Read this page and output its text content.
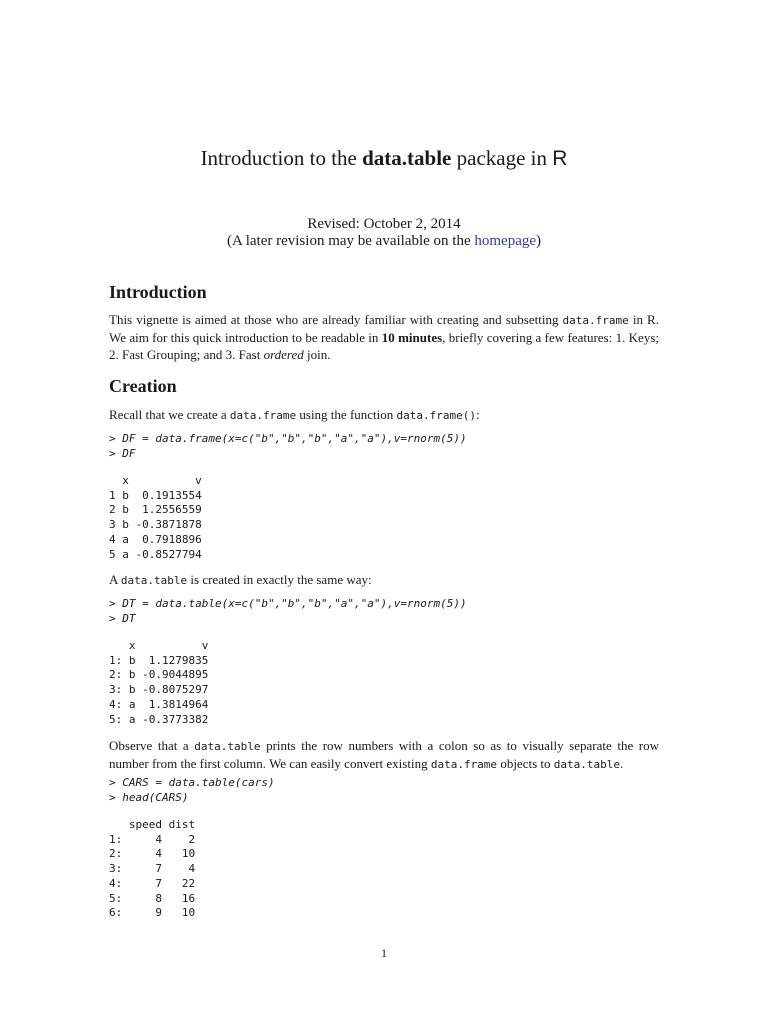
Introduction to the data.table package in R
Revised: October 2, 2014
(A later revision may be available on the homepage)
Introduction

This vignette is aimed at those who are already familiar with creating and subsetting data.frame in R. We aim for this quick introduction to be readable in 10 minutes, briefly covering a few features: 1. Keys; 2. Fast Grouping; and 3. Fast ordered join.

Creation

Recall that we create a data.frame using the function data.frame():

> DF = data.frame(x=c("b","b","b","a","a"),v=rnorm(5))
> DF
x          v
1 b  0.1913554
2 b  1.2556559
3 b -0.3871878
4 a  0.7918896
5 a -0.8527794

A data.table is created in exactly the same way:

> DT = data.table(x=c("b","b","b","a","a"),v=rnorm(5))
> DT
x          v
1: b  1.1279835
2: b -0.9044895
3: b -0.8075297
4: a  1.3814964
5: a -0.3773382

Observe that a data.table prints the row numbers with a colon so as to visually separate the row number from the first column. We can easily convert existing data.frame objects to data.table.

> CARS = data.table(cars)
> head(CARS)
speed dist
1:     4    2
2:     4   10
3:     7    4
4:     7   22
5:     8   16
6:     9   10
1
